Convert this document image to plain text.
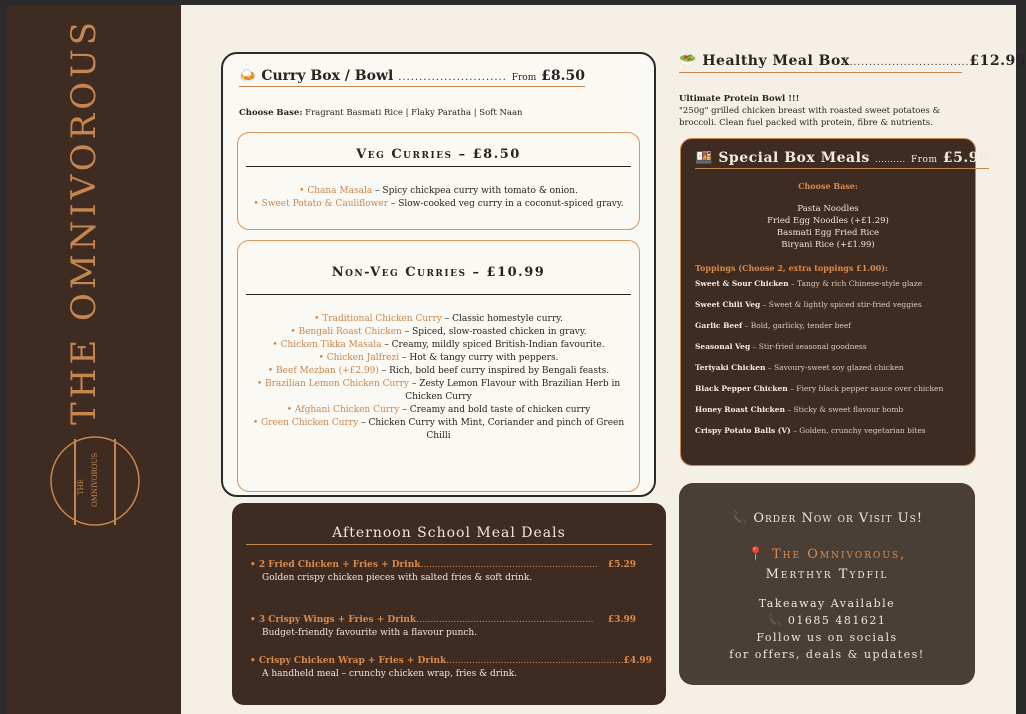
THE OMNIVOROUS
THE OMNIVOROUS
🍛 Curry Box / Bowl .......................... From £8.50
Choose Base: Fragrant Basmati Rice | Flaky Paratha | Soft Naan
Veg Curries – £8.50
• Chana Masala – Spicy chickpea curry with tomato & onion.
• Sweet Potato & Cauliflower – Slow-cooked veg curry in a coconut-spiced gravy.
Non-Veg Curries – £10.99
• Traditional Chicken Curry – Classic homestyle curry.
• Bengali Roast Chicken – Spiced, slow-roasted chicken in gravy.
• Chicken Tikka Masala – Creamy, mildly spiced British-Indian favourite.
• Chicken Jalfrezi – Hot & tangy curry with peppers.
• Beef Mezban (+£2.99) – Rich, bold beef curry inspired by Bengali feasts.
• Brazilian Lemon Chicken Curry – Zesty Lemon Flavour with Brazilian Herb in Chicken Curry
• Afghani Chicken Curry – Creamy and bold taste of chicken curry
• Green Chicken Curry – Chicken Curry with Mint, Coriander and pinch of Green Chilli
🥗 Healthy Meal Box...............................£12.99
Ultimate Protein Bowl !!!
"250g" grilled chicken breast with roasted sweet potatoes & broccoli. Clean fuel packed with protein, fibre & nutrients.
🍱 Special Box Meals .......... From £5.99
Choose Base:
Pasta Noodles
Fried Egg Noodles (+£1.29)
Basmati Egg Fried Rice
Biryani Rice (+£1.99)
Toppings (Choose 2, extra toppings £1.00):
Sweet & Sour Chicken – Tangy & rich Chinese-style glaze
Sweet Chili Veg – Sweet & lightly spiced stir-fried veggies
Garlic Beef – Bold, garlicky, tender beef
Seasonal Veg – Stir-fried seasonal goodness
Teriyaki Chicken – Savoury-sweet soy glazed chicken
Black Pepper Chicken – Fiery black pepper sauce over chicken
Honey Roast Chicken – Sticky & sweet flavour bomb
Crispy Potato Balls (V) – Golden, crunchy vegetarian bites
Afternoon School Meal Deals
• 2 Fried Chicken + Fries + Drink ..............................................................	£5.29
Golden crispy chicken pieces with salted fries & soft drink.
• 3 Crispy Wings + Fries + Drink ..............................................................	£3.99
Budget-friendly favourite with a flavour punch.
• Crispy Chicken Wrap + Fries + Drink .............................................................. £4.99
A handheld meal – crunchy chicken wrap, fries & drink.
📞 Order Now or Visit Us!
📍 The Omnivorous,
Merthyr Tydfil
Takeaway Available
📞 01685 481621
Follow us on socials
for offers, deals & updates!
